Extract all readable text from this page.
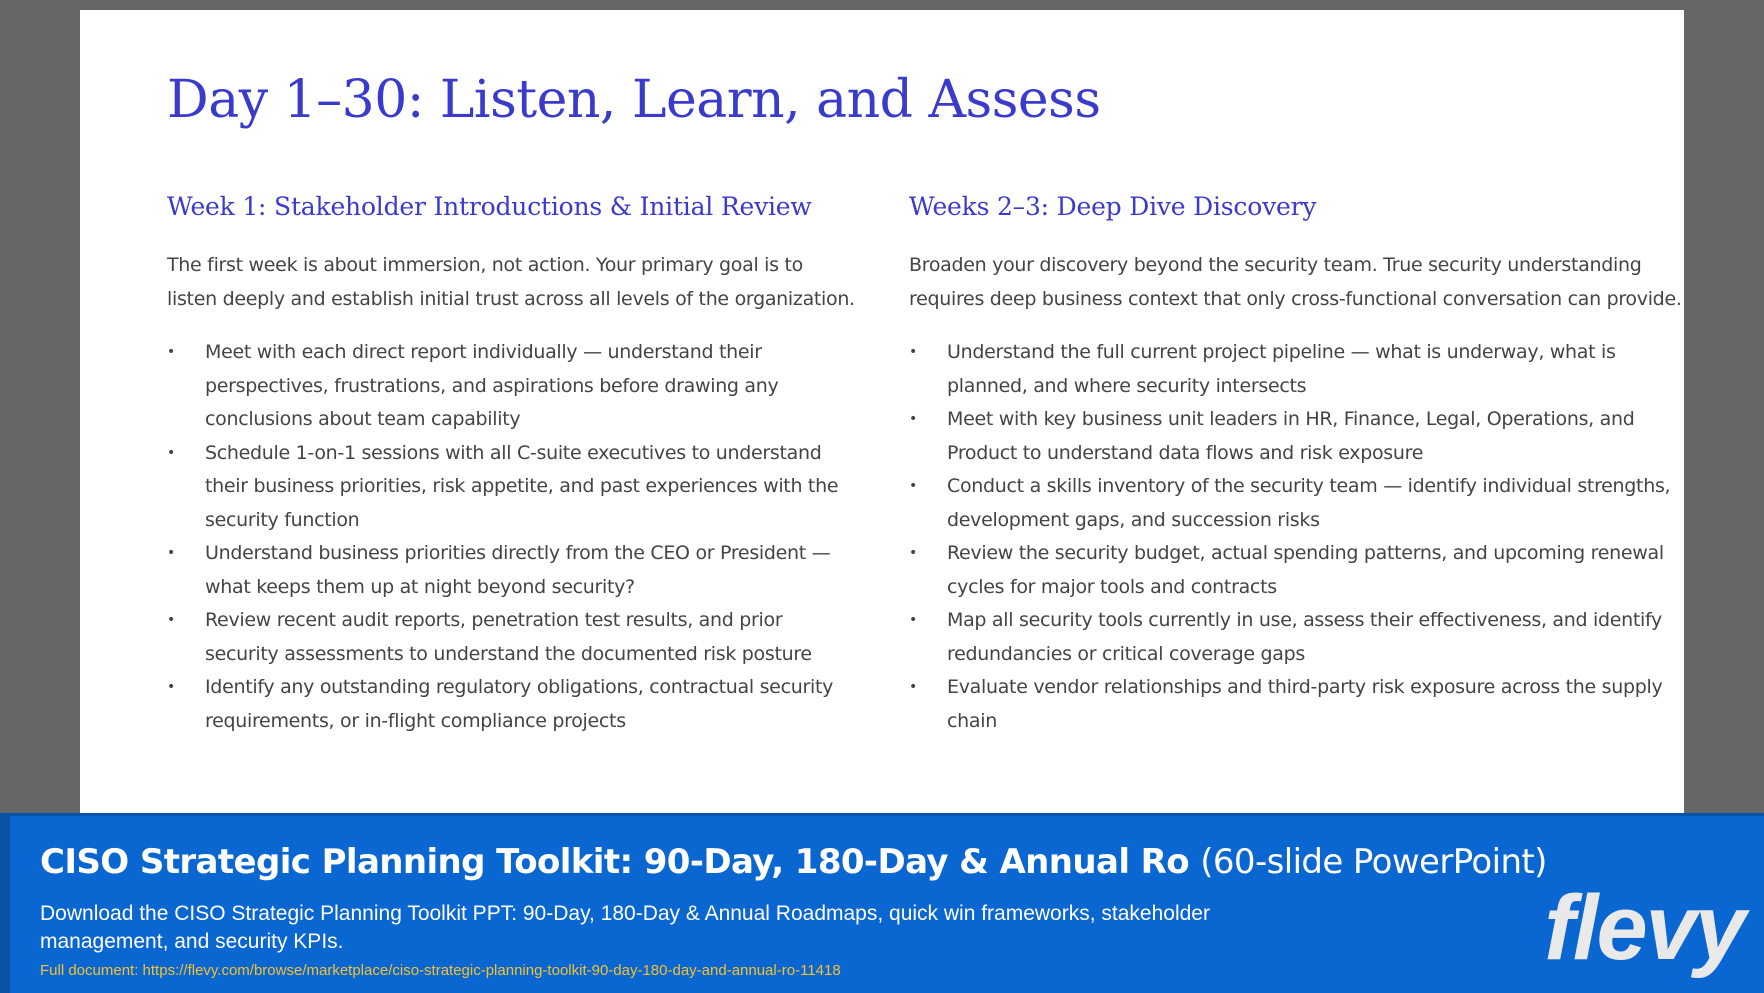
Day 1–30: Listen, Learn, and Assess
Week 1: Stakeholder Introductions & Initial Review

The first week is about immersion, not action. Your primary goal is to listen deeply and establish initial trust across all levels of the organization.

• Meet with each direct report individually — understand their perspectives, frustrations, and aspirations before drawing any conclusions about team capability
• Schedule 1-on-1 sessions with all C-suite executives to understand their business priorities, risk appetite, and past experiences with the security function
• Understand business priorities directly from the CEO or President — what keeps them up at night beyond security?
• Review recent audit reports, penetration test results, and prior security assessments to understand the documented risk posture
• Identify any outstanding regulatory obligations, contractual security requirements, or in-flight compliance projects
Weeks 2–3: Deep Dive Discovery

Broaden your discovery beyond the security team. True security understanding requires deep business context that only cross-functional conversation can provide.

• Understand the full current project pipeline — what is underway, what is planned, and where security intersects
• Meet with key business unit leaders in HR, Finance, Legal, Operations, and Product to understand data flows and risk exposure
• Conduct a skills inventory of the security team — identify individual strengths, development gaps, and succession risks
• Review the security budget, actual spending patterns, and upcoming renewal cycles for major tools and contracts
• Map all security tools currently in use, assess their effectiveness, and identify redundancies or critical coverage gaps
• Evaluate vendor relationships and third-party risk exposure across the supply chain

CISO Strategic Planning Toolkit: 90-Day, 180-Day & Annual Ro (60-slide PowerPoint)

Download the CISO Strategic Planning Toolkit PPT: 90-Day, 180-Day & Annual Roadmaps, quick win frameworks, stakeholder management, and security KPIs.

Full document: https://flevy.com/browse/marketplace/ciso-strategic-planning-toolkit-90-day-180-day-and-annual-ro-11418	flevy
